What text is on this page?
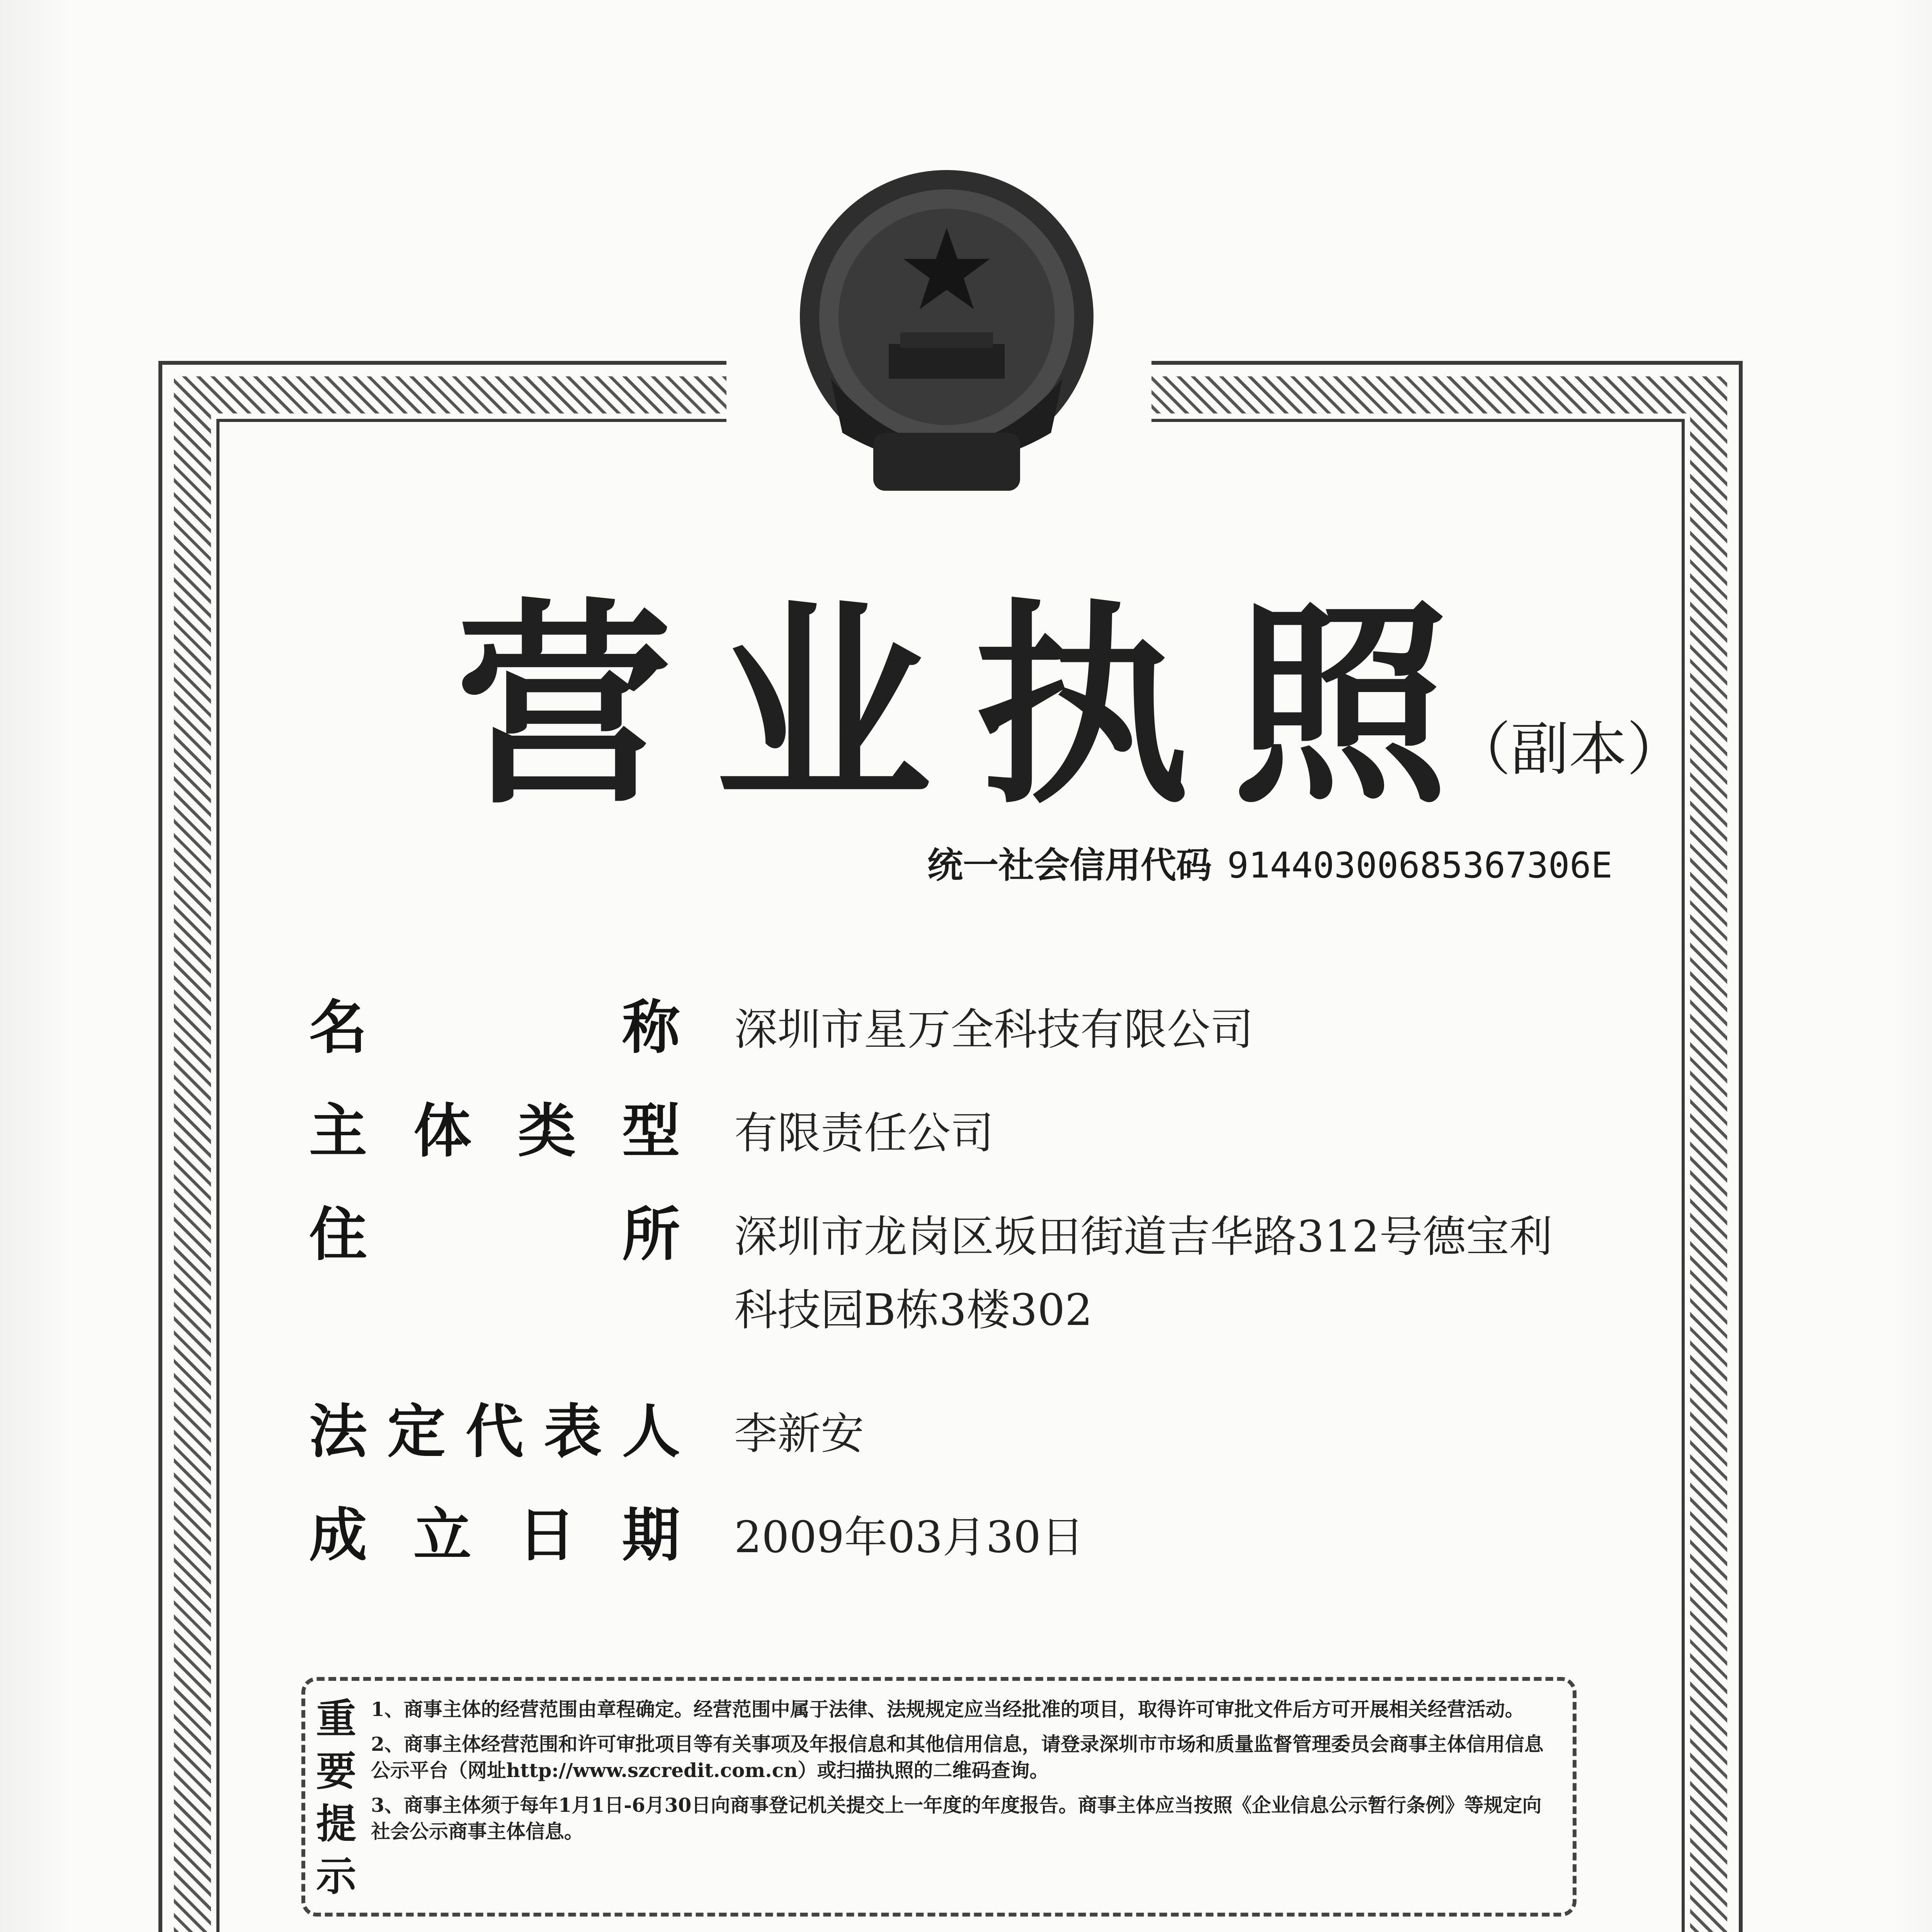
营业执照
（副本）
统一社会信用代码 91440300685367306E
名称 深圳市星万全科技有限公司
主体类型 有限责任公司
住所 深圳市龙岗区坂田街道吉华路312号德宝利科技园B栋3楼302
法定代表人 李新安
成立日期 2009年03月30日
重要提示

1、商事主体的经营范围由章程确定。经营范围中属于法律、法规规定应当经批准的项目，取得许可审批文件后方可开展相关经营活动。

2、商事主体经营范围和许可审批项目等有关事项及年报信息和其他信用信息，请登录深圳市市场和质量监督管理委员会商事主体信用信息公示平台（网址http://www.szcredit.com.cn）或扫描执照的二维码查询。

3、商事主体须于每年1月1日-6月30日向商事登记机关提交上一年度的年度报告。商事主体应当按照《企业信息公示暂行条例》等规定向社会公示商事主体信息。
